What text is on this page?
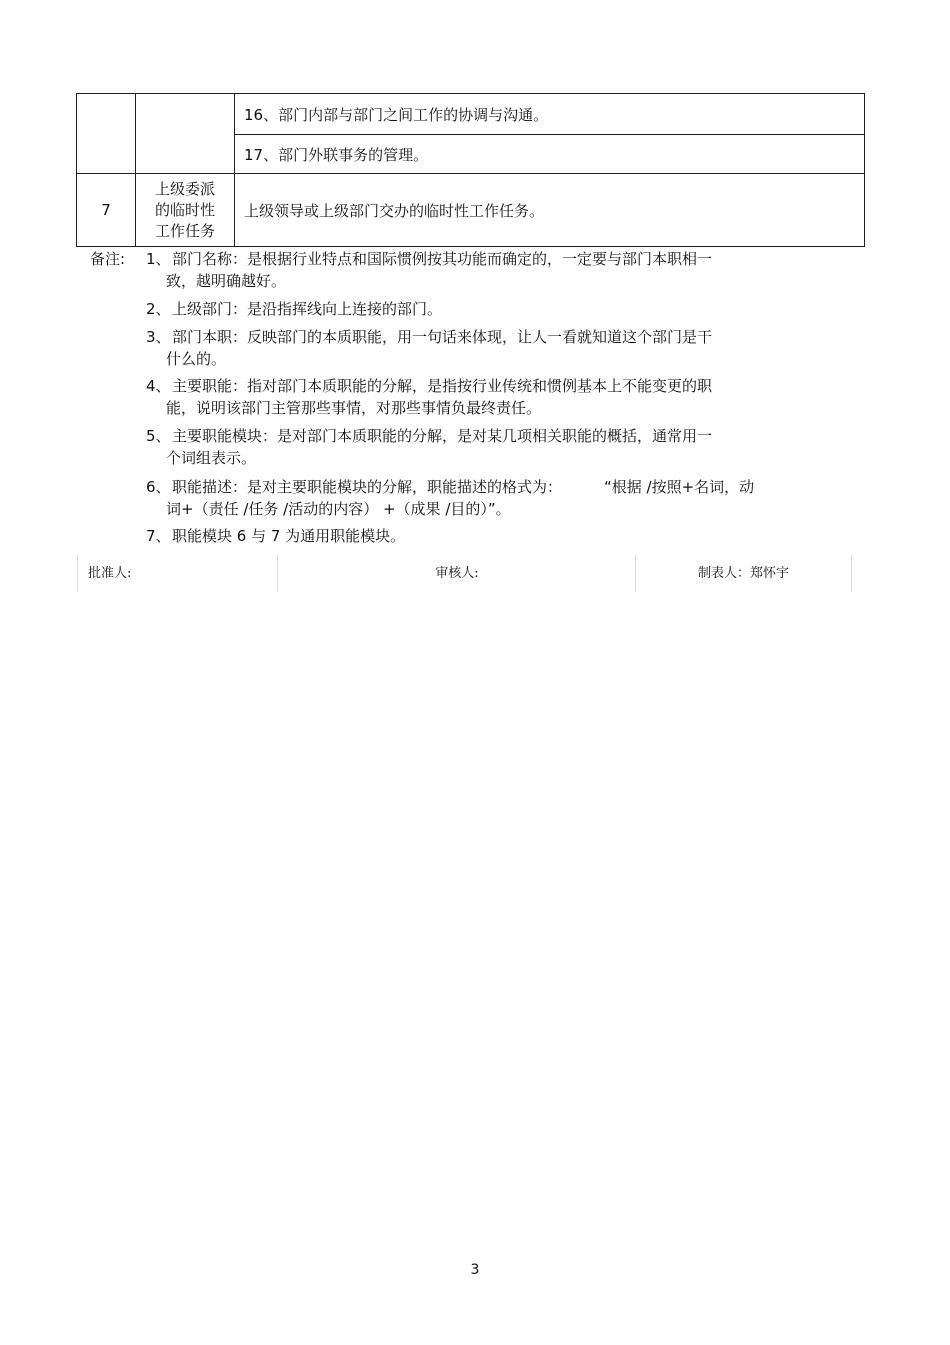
		16、部门内部与部门之间工作的协调与沟通。
		17、部门外联事务的管理。
7	上级委派
的临时性
工作任务	上级领导或上级部门交办的临时性工作任务。
备注: 1、 部门名称：是根据行业特点和国际惯例按其功能而确定的，一定要与部门本职相一
致，越明确越好。
2、 上级部门：是沿指挥线向上连接的部门。
3、 部门本职：反映部门的本质职能，用一句话来体现，让人一看就知道这个部门是干
什么的。
4、 主要职能：指对部门本质职能的分解，是指按行业传统和惯例基本上不能变更的职
能，说明该部门主管那些事情，对那些事情负最终责任。
5、 主要职能模块：是对部门本质职能的分解，是对某几项相关职能的概括，通常用一
个词组表示。
6、 职能描述：是对主要职能模块的分解，职能描述的格式为：	“根据 /按照+名词，动
词+（责任 /任务 /活动的内容） +（成果 /目的）”。
7、 职能模块 6 与 7 为通用职能模块。
批准人:	审核人:	制表人：郑怀宇
3
